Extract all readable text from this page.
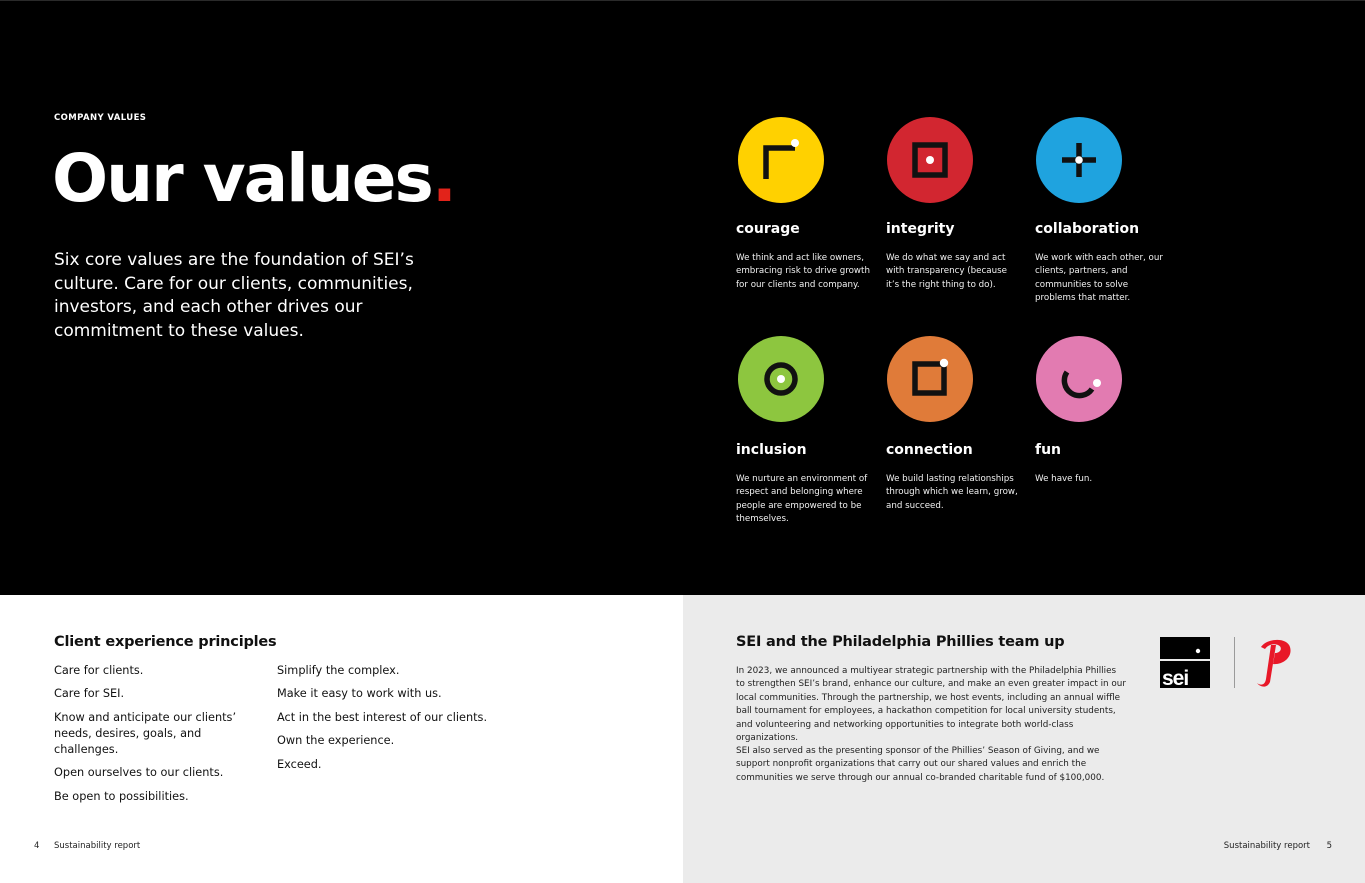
COMPANY VALUES
Our values.

Six core values are the foundation of SEI’s culture. Care for our clients, communities, investors, and each other drives our commitment to these values.

courage
We think and act like owners, embracing risk to drive growth for our clients and company.
integrity
We do what we say and act with transparency (because it’s the right thing to do).
collaboration
We work with each other, our clients, partners, and communities to solve problems that matter.
inclusion
We nurture an environment of respect and belonging where people are empowered to be themselves.
connection
We build lasting relationships through which we learn, grow, and succeed.
fun
We have fun.
Client experience principles
Care for clients.
Care for SEI.
Know and anticipate our clients’ needs, desires, goals, and challenges.
Open ourselves to our clients.
Be open to possibilities.
Simplify the complex.
Make it easy to work with us.
Act in the best interest of our clients.
Own the experience.
Exceed.
4 Sustainability report
SEI and the Philadelphia Phillies team up

In 2023, we announced a multiyear strategic partnership with the Philadelphia Phillies to strengthen SEI’s brand, enhance our culture, and make an even greater impact in our local communities. Through the partnership, we host events, including an annual wiffle ball tournament for employees, a hackathon competition for local university students, and volunteering and networking opportunities to integrate both world-class organizations.

SEI also served as the presenting sponsor of the Phillies’ Season of Giving, and we support nonprofit organizations that carry out our shared values and enrich the communities we serve through our annual co-branded charitable fund of $100,000.

sei
Sustainability report 5
